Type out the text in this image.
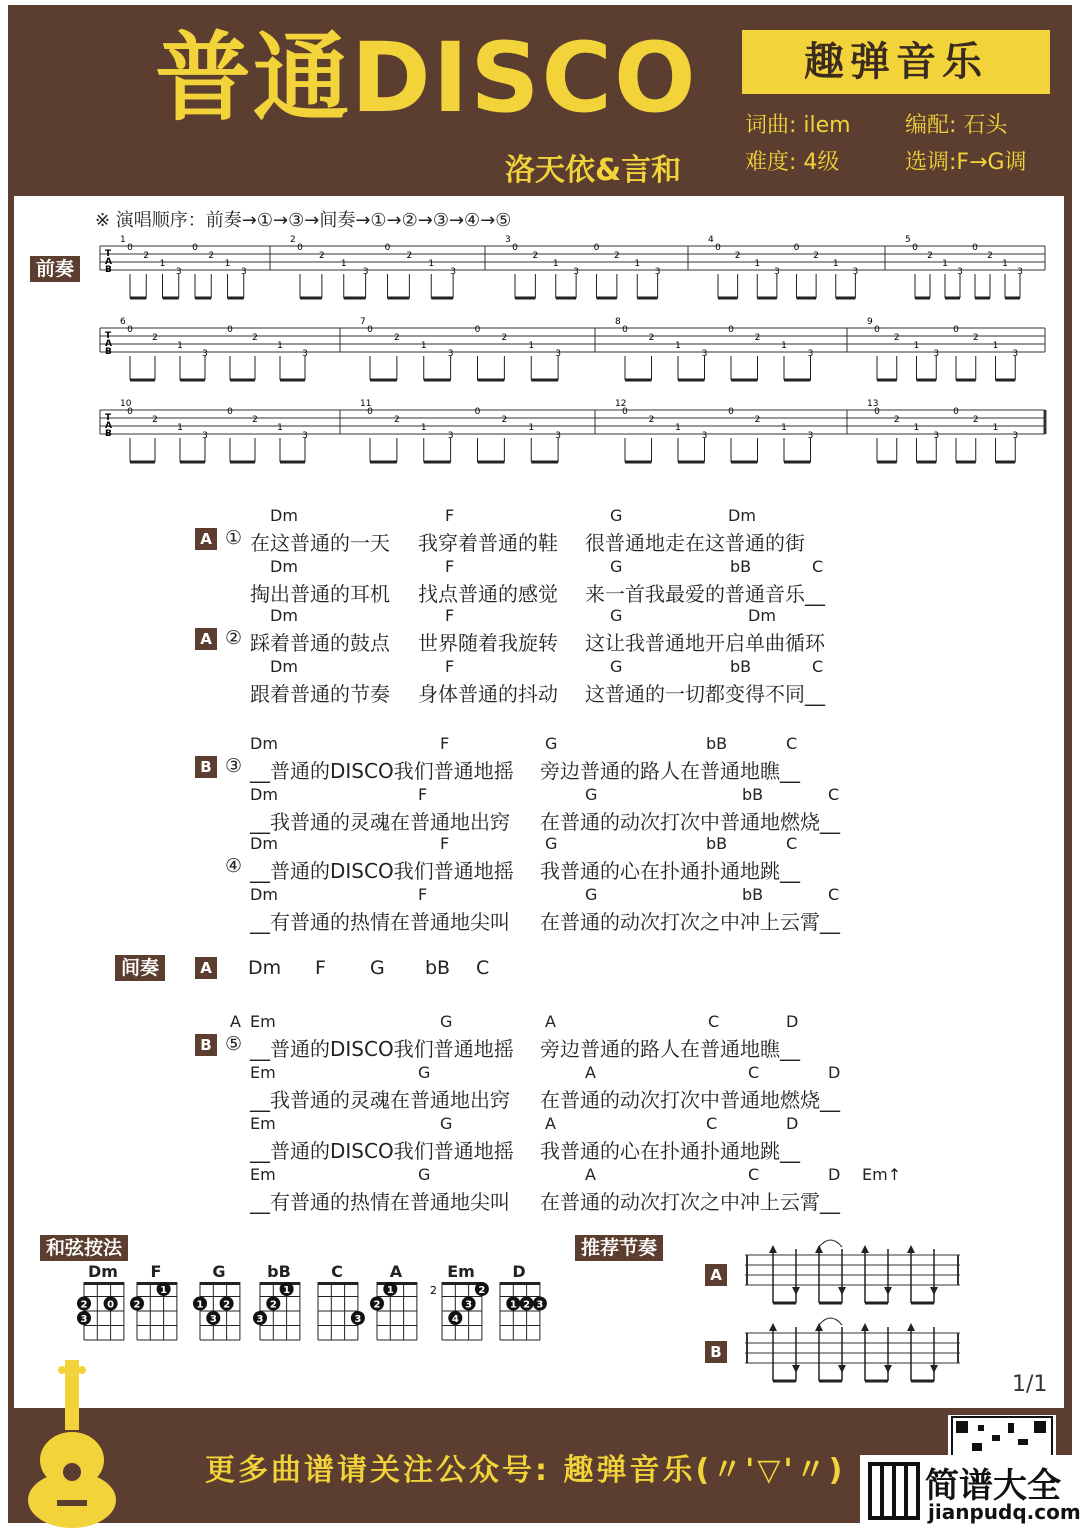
普通DISCO
洛天依&言和
趣弹音乐
词曲: ilem 编配: 石头
难度: 4级	选调:F→G调
※ 演唱顺序：前奏→①→③→间奏→①→②→③→④→⑤
前奏
T
A
B
1
0
2
1
3
0
2
1
3
2
0
2
1
3
0
2
1
3
3
0
2
1
3
0
2
1
3
4
0
2
1
3
0
2
1
3
5
0
2
1
3
0
2
1
3
T
A
B
6
0
2
1
3
0
2
1
3
7
0
2
1
3
0
2
1
3
8
0
2
1
3
0
2
1
3
9
0
2
1
3
0
2
1
3
T
A
B
10
0
2
1
3
0
2
1
3
11
0
2
1
3
0
2
1
3
12
0
2
1
3
0
2
1
3
13
0
2
1
3
0
2
1
3
A ①
Dm	F	G	Dm
在这普通的一天 我穿着普通的鞋 很普通地走在这普通的街
Dm	F	G	bB	C
掏出普通的耳机 找点普通的感觉 来一首我最爱的普通音乐__
A ②
Dm	F	G	Dm
踩着普通的鼓点 世界随着我旋转 这让我普通地开启单曲循环
Dm	F	G	bB	C
跟着普通的节奏 身体普通的抖动 这普通的一切都变得不同__
B ③
Dm	F	G	bB	C
__普通的DISCO我们普通地摇 旁边普通的路人在普通地瞧__
Dm	F	G	bB	C
__我普通的灵魂在普通地出窍 在普通的动次打次中普通地燃烧__
④
Dm	F	G	bB	C
__普通的DISCO我们普通地摇 我普通的心在扑通扑通地跳__
Dm	F	G	bB	C
__有普通的热情在普通地尖叫 在普通的动次打次之中冲上云霄__
B ⑤
A Em	G	A	C	D
__普通的DISCO我们普通地摇 旁边普通的路人在普通地瞧__
Em	G	A	C	D
__我普通的灵魂在普通地出窍 在普通的动次打次中普通地燃烧__
Em	G	A	C	D
__普通的DISCO我们普通地摇 我普通的心在扑通扑通地跳__
Em	G	A	C	D Em↑
__有普通的热情在普通地尖叫 在普通的动次打次之中冲上云霄__
间奏	A Dm F G bB C
和弦按法
Dm
2
3
0
F
2
1
G
1 2
3
bB
1
2
3
C
3
A
1
2
Em
2
3
4
2
D
1 2 3
推荐节奏
A
B
1/1
更多曲谱请关注公众号: 趣弹音乐(〃'▽'〃) 简谱大全
jianpudq.com
